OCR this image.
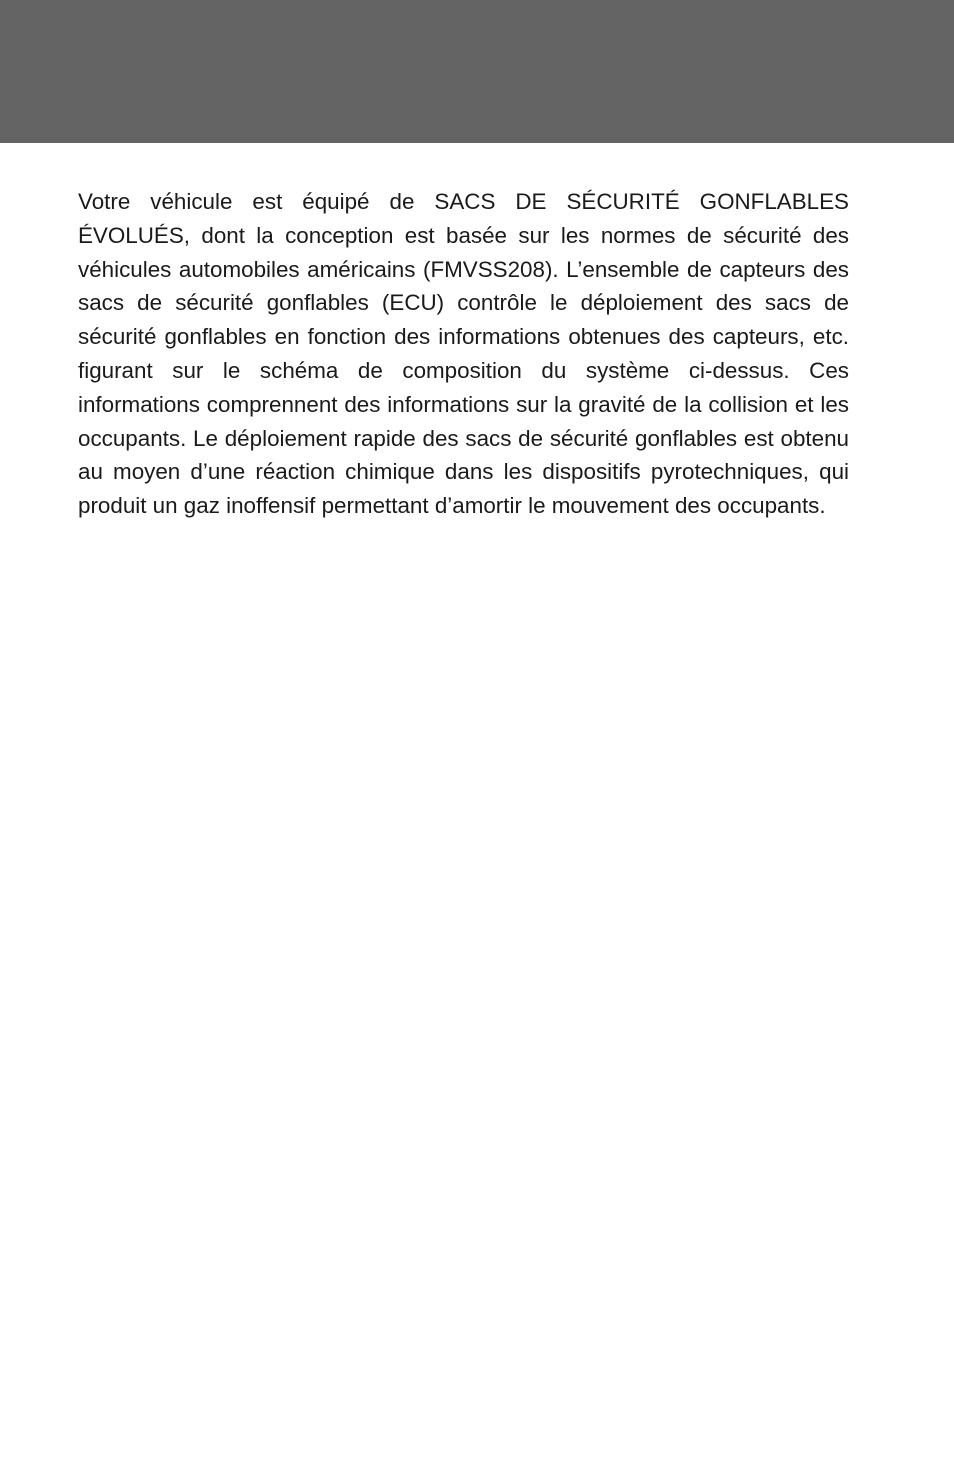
Votre véhicule est équipé de SACS DE SÉCURITÉ GONFLABLES ÉVOLUÉS, dont la conception est basée sur les normes de sécurité des véhicules automobiles américains (FMVSS208). L’ensemble de capteurs des sacs de sécurité gonflables (ECU) contrôle le déploiement des sacs de sécurité gonflables en fonction des informations obtenues des capteurs, etc. figurant sur le schéma de composition du système ci-dessus. Ces informations comprennent des informations sur la gravité de la collision et les occupants. Le déploiement rapide des sacs de sécurité gonflables est obtenu au moyen d’une réaction chimique dans les dispositifs pyrotechniques, qui produit un gaz inoffensif permettant d’amortir le mouvement des occupants.
